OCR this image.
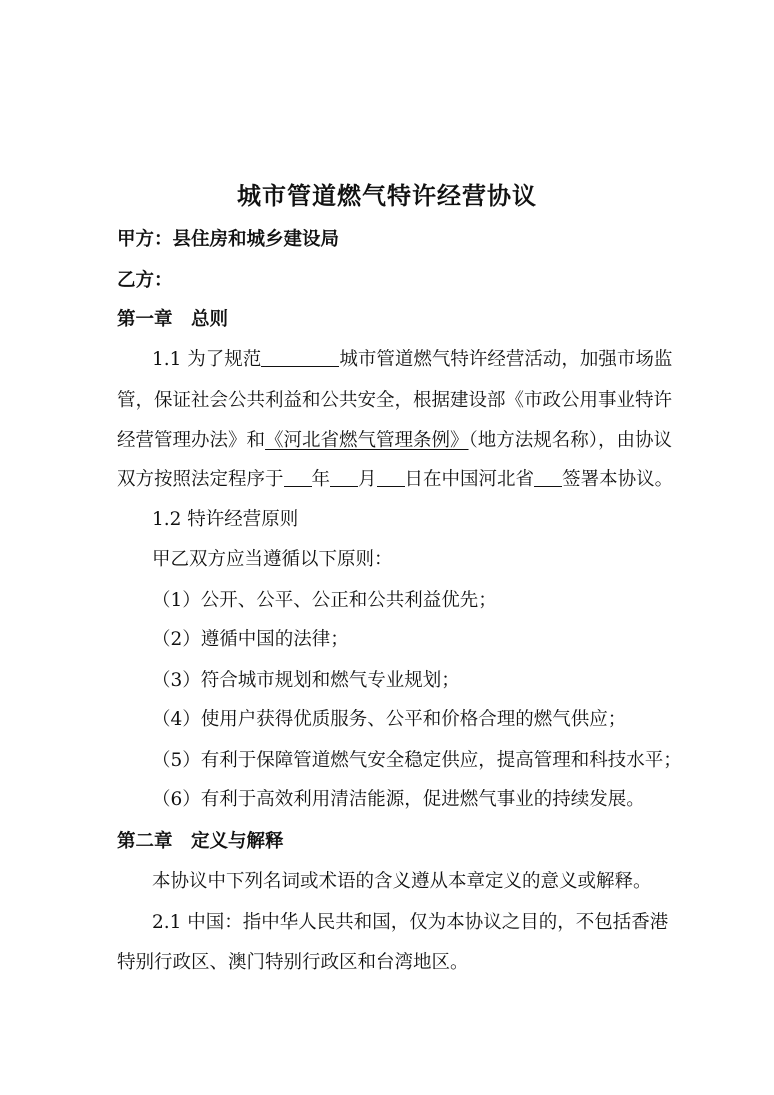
城市管道燃气特许经营协议
甲方：县住房和城乡建设局
乙方：
第一章　总则
1.1 为了规范	城市管道燃气特许经营活动，加强市场监
管，保证社会公共利益和公共安全，根据建设部《市政公用事业特许
经营管理办法》和《河北省燃气管理条例》（地方法规名称），由协议
双方按照法定程序于 年 月 日在中国河北省 签署本协议。
1.2 特许经营原则
甲乙双方应当遵循以下原则：
（1）公开、公平、公正和公共利益优先；
（2）遵循中国的法律；
（3）符合城市规划和燃气专业规划；
（4）使用户获得优质服务、公平和价格合理的燃气供应；
（5）有利于保障管道燃气安全稳定供应，提高管理和科技水平；
（6）有利于高效利用清洁能源，促进燃气事业的持续发展。
第二章　定义与解释
本协议中下列名词或术语的含义遵从本章定义的意义或解释。
2.1 中国：指中华人民共和国，仅为本协议之目的，不包括香港
特别行政区、澳门特别行政区和台湾地区。
